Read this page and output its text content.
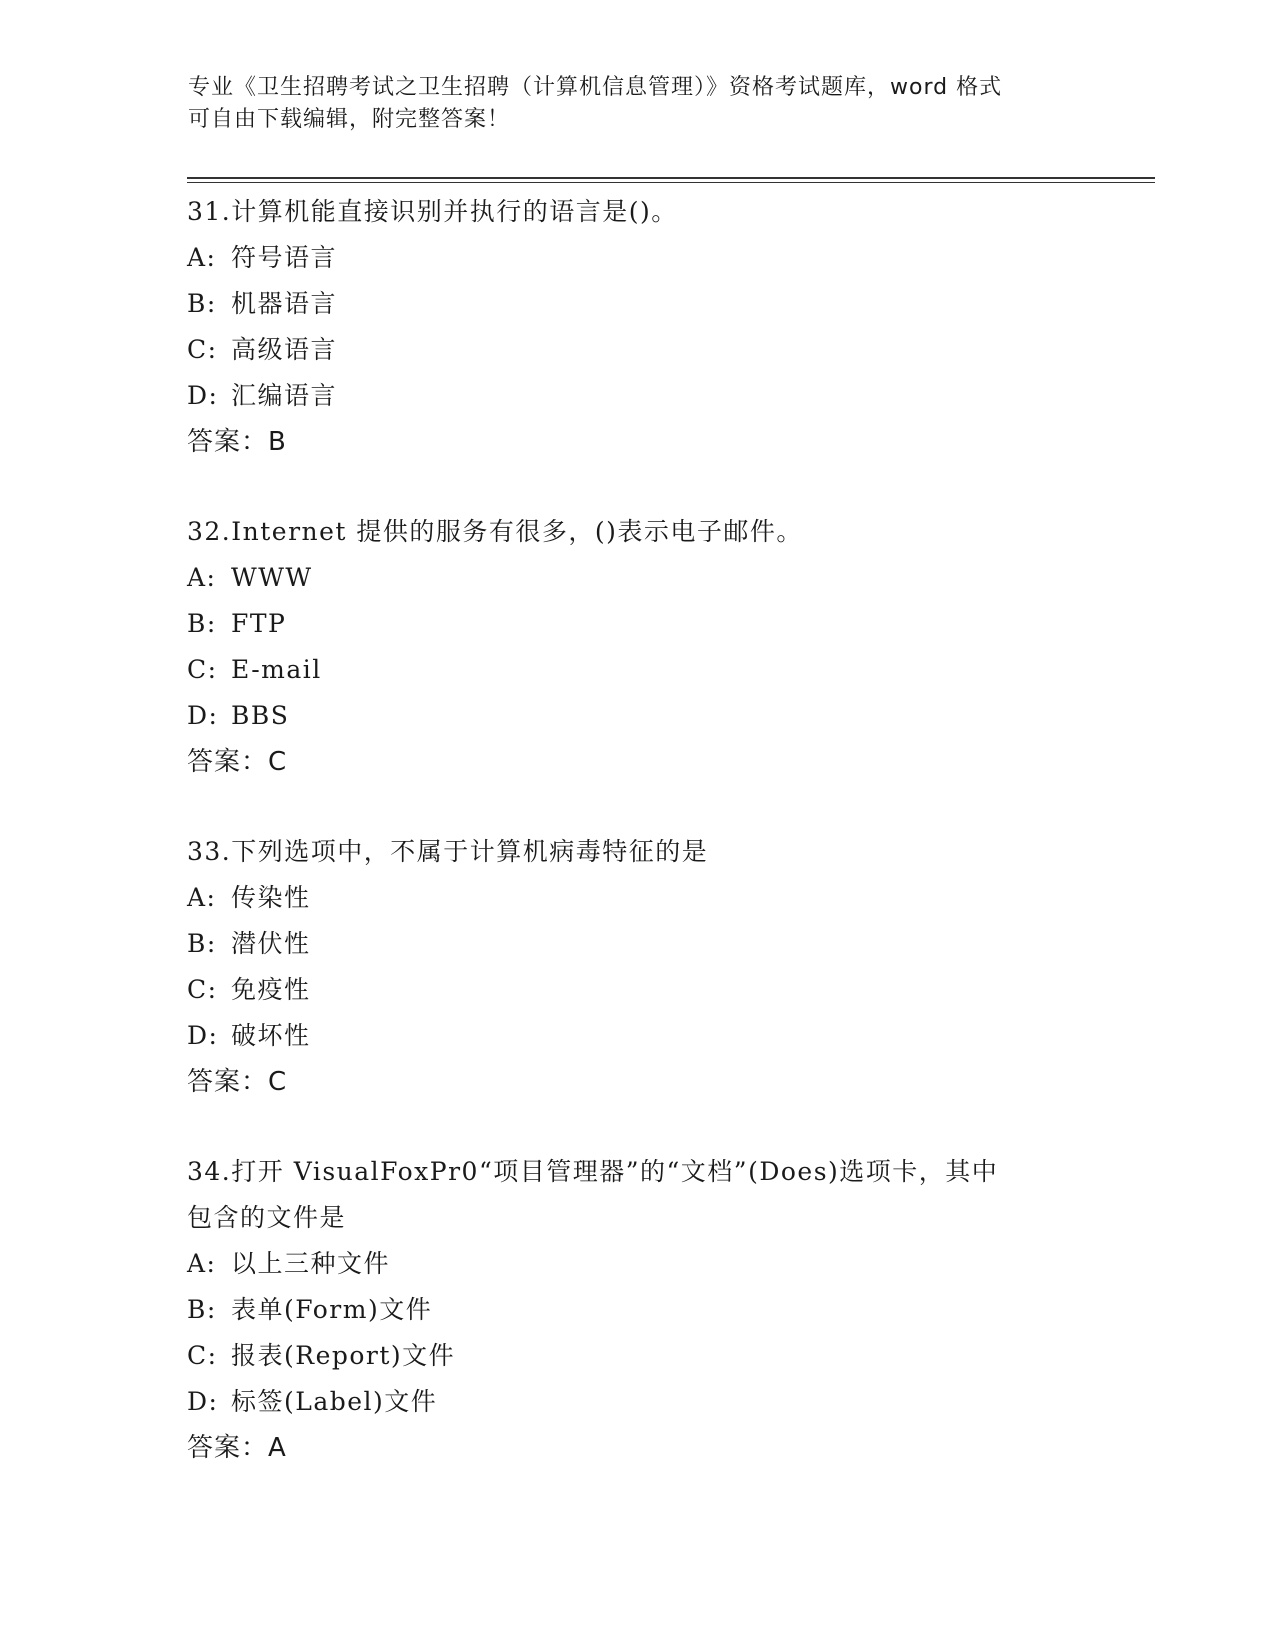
专业《卫生招聘考试之卫生招聘（计算机信息管理）》资格考试题库，word 格式
可自由下载编辑，附完整答案！
31.计算机能直接识别并执行的语言是()。
A: 符号语言
B: 机器语言
C: 高级语言
D: 汇编语言
答案：B
32.Internet 提供的服务有很多，()表示电子邮件。
A: WWW
B: FTP
C: E-mail
D: BBS
答案：C
33.下列选项中，不属于计算机病毒特征的是
A: 传染性
B: 潜伏性
C: 免疫性
D: 破坏性
答案：C
34.打开 VisualFoxPr0“项目管理器”的“文档”(Does)选项卡，其中
包含的文件是
A: 以上三种文件
B: 表单(Form)文件
C: 报表(Report)文件
D: 标签(Label)文件
答案：A
